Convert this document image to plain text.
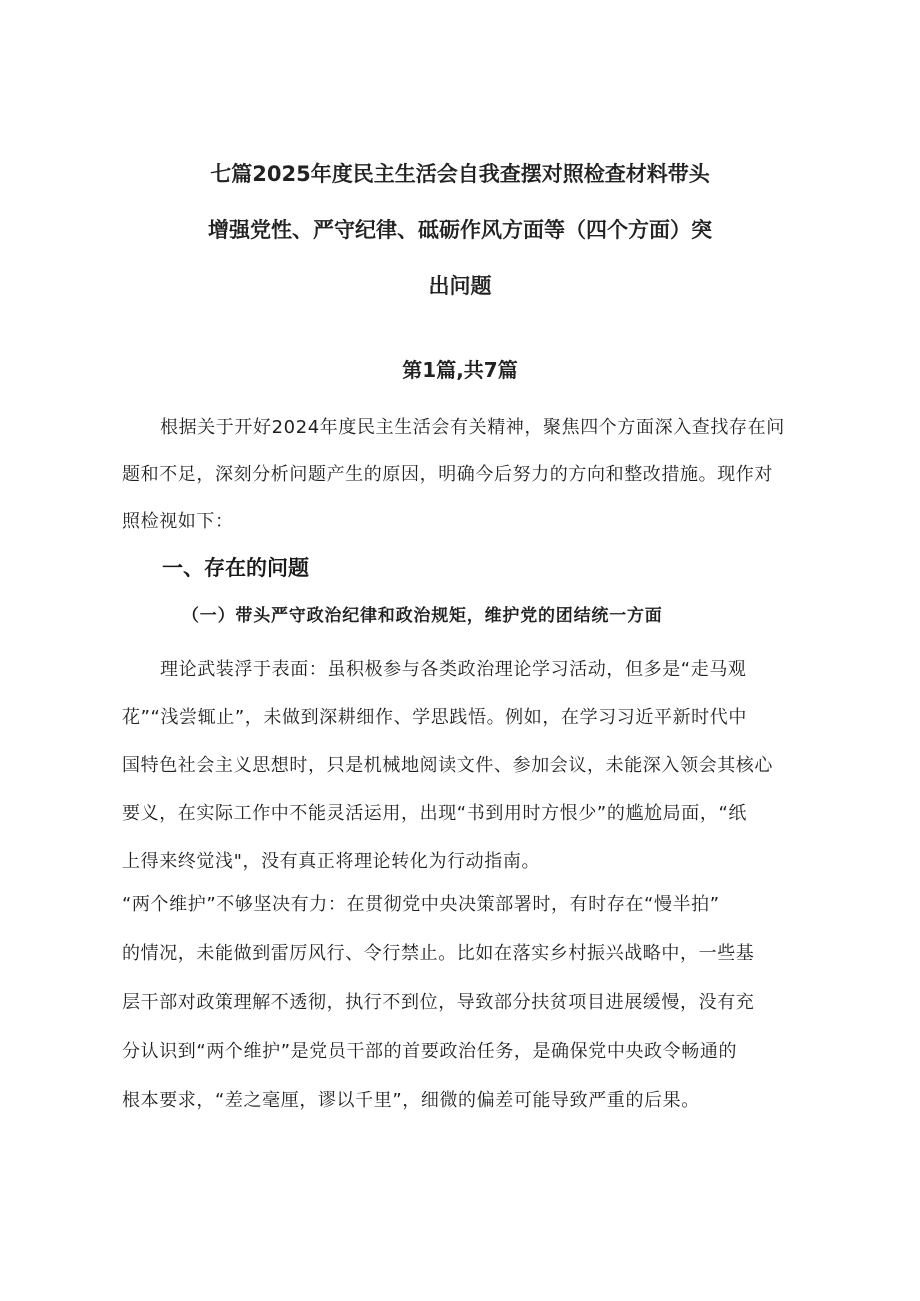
七篇2025年度民主生活会自我查摆对照检查材料带头
增强党性、严守纪律、砥砺作风方面等（四个方面）突
出问题
第1篇,共7篇

根据关于开好2024年度民主生活会有关精神，聚焦四个方面深入查找存在问
题和不足，深刻分析问题产生的原因，明确今后努力的方向和整改措施。现作对
照检视如下：

一、存在的问题
（一）带头严守政治纪律和政治规矩，维护党的团结统一方面

理论武装浮于表面：虽积极参与各类政治理论学习活动，但多是“走马观
花”“浅尝辄止”，未做到深耕细作、学思践悟。例如，在学习习近平新时代中
国特色社会主义思想时，只是机械地阅读文件、参加会议，未能深入领会其核心
要义，在实际工作中不能灵活运用，出现“书到用时方恨少”的尴尬局面，“纸
上得来终觉浅"，没有真正将理论转化为行动指南。

“两个维护”不够坚决有力：在贯彻党中央决策部署时，有时存在“慢半拍”
的情况，未能做到雷厉风行、令行禁止。比如在落实乡村振兴战略中，一些基
层干部对政策理解不透彻，执行不到位，导致部分扶贫项目进展缓慢，没有充
分认识到“两个维护”是党员干部的首要政治任务，是确保党中央政令畅通的
根本要求，“差之毫厘，谬以千里”，细微的偏差可能导致严重的后果。
